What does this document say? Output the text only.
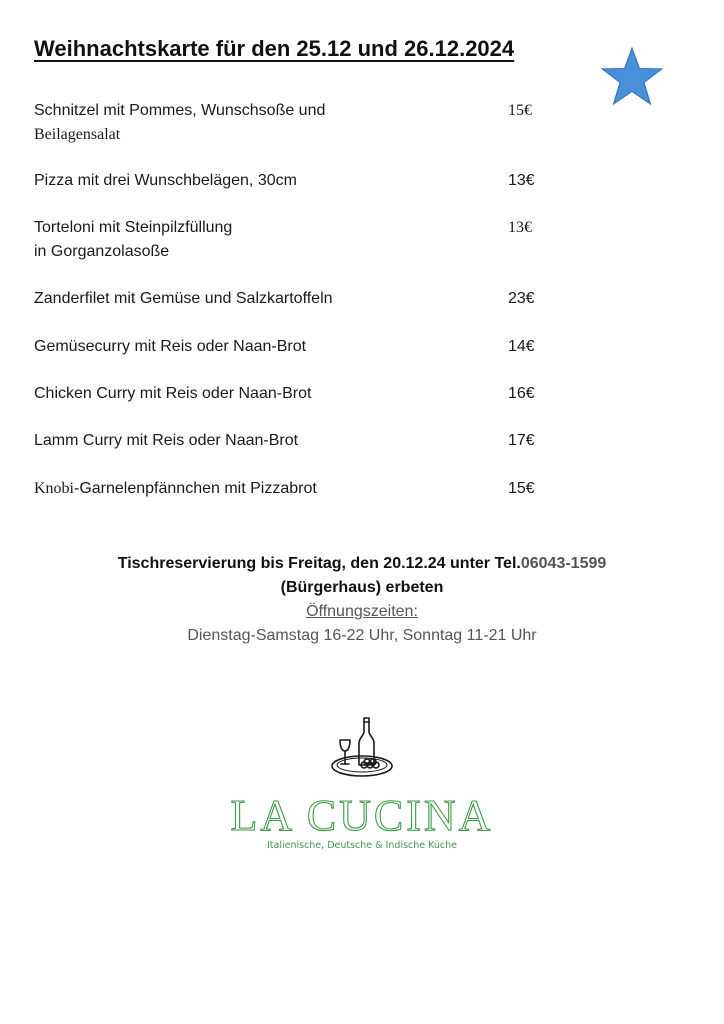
Weihnachtskarte für den 25.12 und 26.12.2024
Schnitzel mit Pommes, Wunschsoße und
Beilagensalat
15€
Pizza mit drei Wunschbelägen, 30cm	13€
Torteloni mit Steinpilzfüllung
in Gorganzolasoße
13€
Zanderfilet mit Gemüse und Salzkartoffeln	23€
Gemüsecurry mit Reis oder Naan-Brot	14€
Chicken Curry mit Reis oder Naan-Brot	16€
Lamm Curry mit Reis oder Naan-Brot	17€
Knobi-Garnelenpfännchen mit Pizzabrot	15€
Tischreservierung bis Freitag, den 20.12.24 unter Tel.06043-1599
(Bürgerhaus) erbeten
Öffnungszeiten:
Dienstag-Samstag 16-22 Uhr, Sonntag 11-21 Uhr
LA CUCINA
Italienische, Deutsche & Indische Küche
